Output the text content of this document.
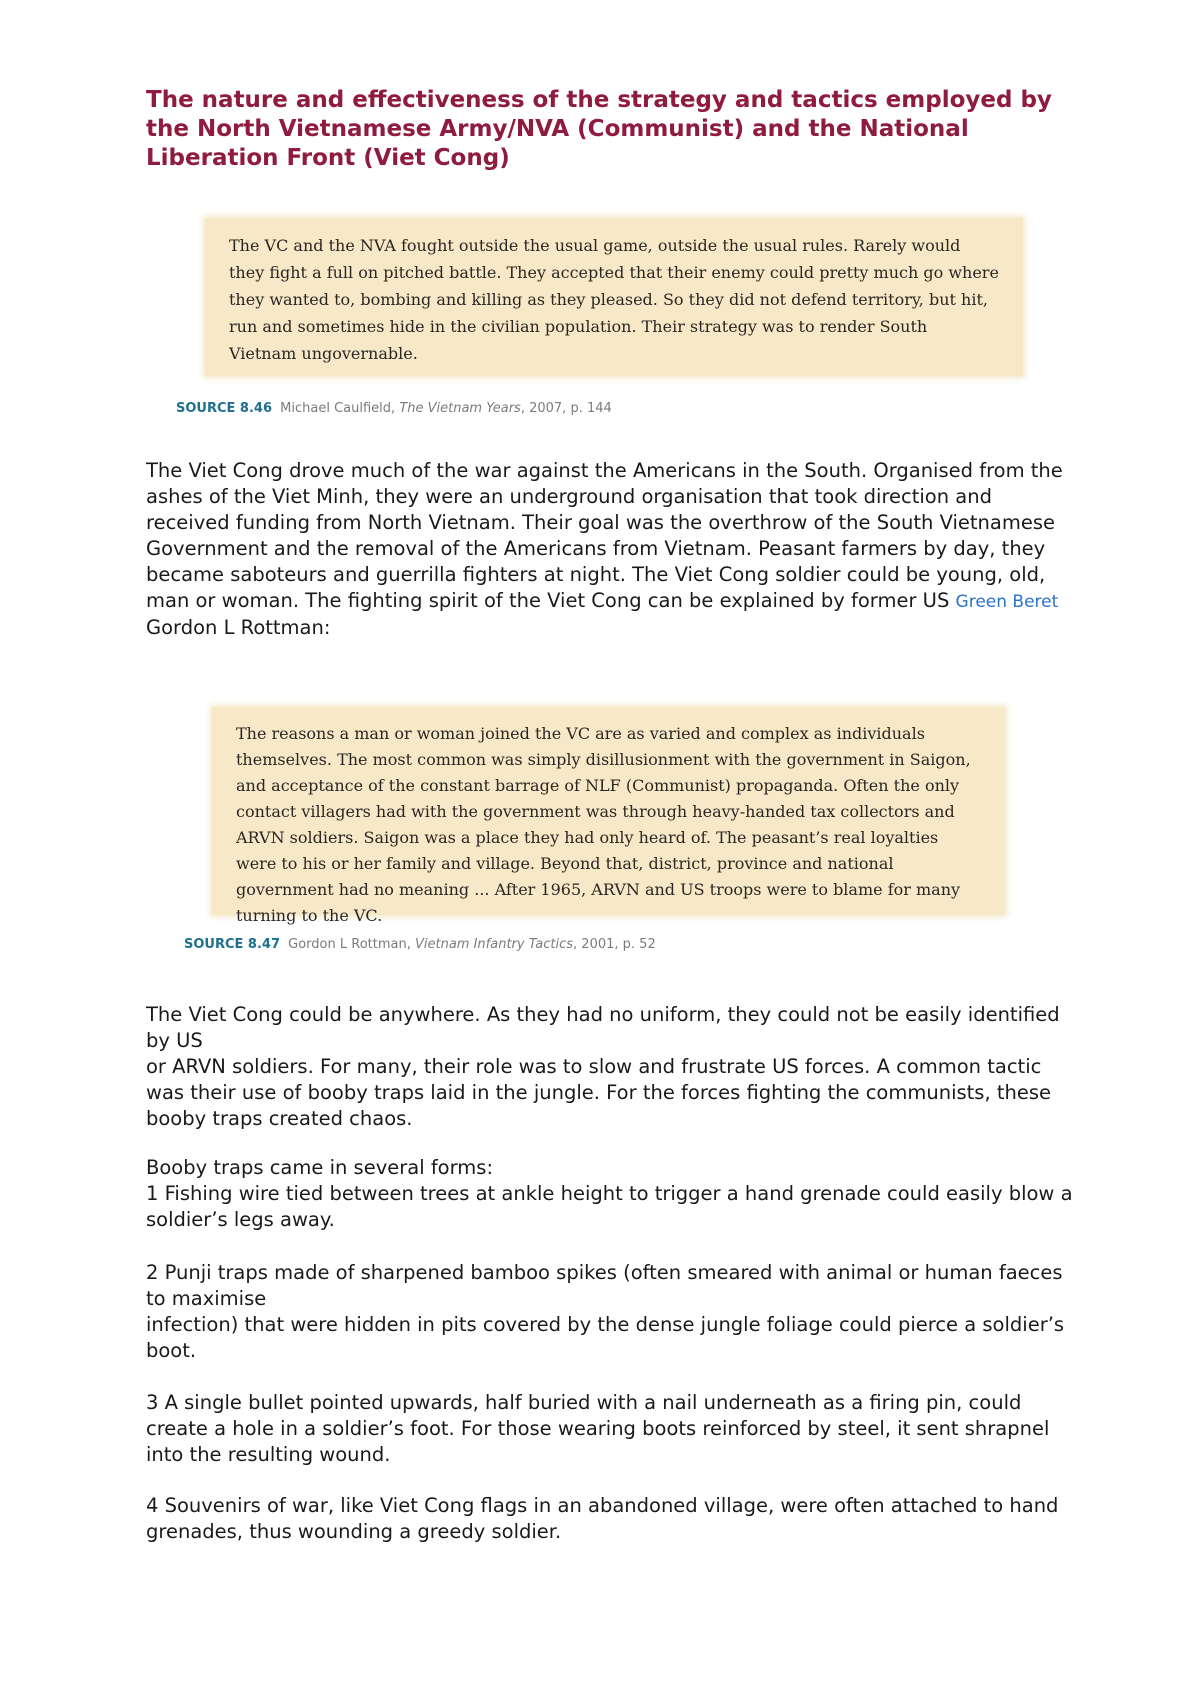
The nature and effectiveness of the strategy and tactics employed by the North Vietnamese Army/NVA (Communist) and the National Liberation Front (Viet Cong)
The VC and the NVA fought outside the usual game, outside the usual rules. Rarely would they fight a full on pitched battle. They accepted that their enemy could pretty much go where they wanted to, bombing and killing as they pleased. So they did not defend territory, but hit, run and sometimes hide in the civilian population. Their strategy was to render South Vietnam ungovernable.
SOURCE 8.46 Michael Caulfield, The Vietnam Years, 2007, p. 144

The Viet Cong drove much of the war against the Americans in the South. Organised from the ashes of the Viet Minh, they were an underground organisation that took direction and received funding from North Vietnam. Their goal was the overthrow of the South Vietnamese Government and the removal of the Americans from Vietnam. Peasant farmers by day, they became saboteurs and guerrilla fighters at night. The Viet Cong soldier could be young, old, man or woman. The fighting spirit of the Viet Cong can be explained by former US Green Beret Gordon L Rottman:

The reasons a man or woman joined the VC are as varied and complex as individuals themselves. The most common was simply disillusionment with the government in Saigon, and acceptance of the constant barrage of NLF (Communist) propaganda. Often the only contact villagers had with the government was through heavy-handed tax collectors and ARVN soldiers. Saigon was a place they had only heard of. The peasant’s real loyalties were to his or her family and village. Beyond that, district, province and national government had no meaning ... After 1965, ARVN and US troops were to blame for many turning to the VC.
SOURCE 8.47 Gordon L Rottman, Vietnam Infantry Tactics, 2001, p. 52

The Viet Cong could be anywhere. As they had no uniform, they could not be easily identified by US
or ARVN soldiers. For many, their role was to slow and frustrate US forces. A common tactic was their use of booby traps laid in the jungle. For the forces fighting the communists, these booby traps created chaos.

Booby traps came in several forms:
1 Fishing wire tied between trees at ankle height to trigger a hand grenade could easily blow a soldier’s legs away.

2 Punji traps made of sharpened bamboo spikes (often smeared with animal or human faeces to maximise
infection) that were hidden in pits covered by the dense jungle foliage could pierce a soldier’s boot.

3 A single bullet pointed upwards, half buried with a nail underneath as a firing pin, could create a hole in a soldier’s foot. For those wearing boots reinforced by steel, it sent shrapnel into the resulting wound.

4 Souvenirs of war, like Viet Cong flags in an abandoned village, were often attached to hand grenades, thus wounding a greedy soldier.
